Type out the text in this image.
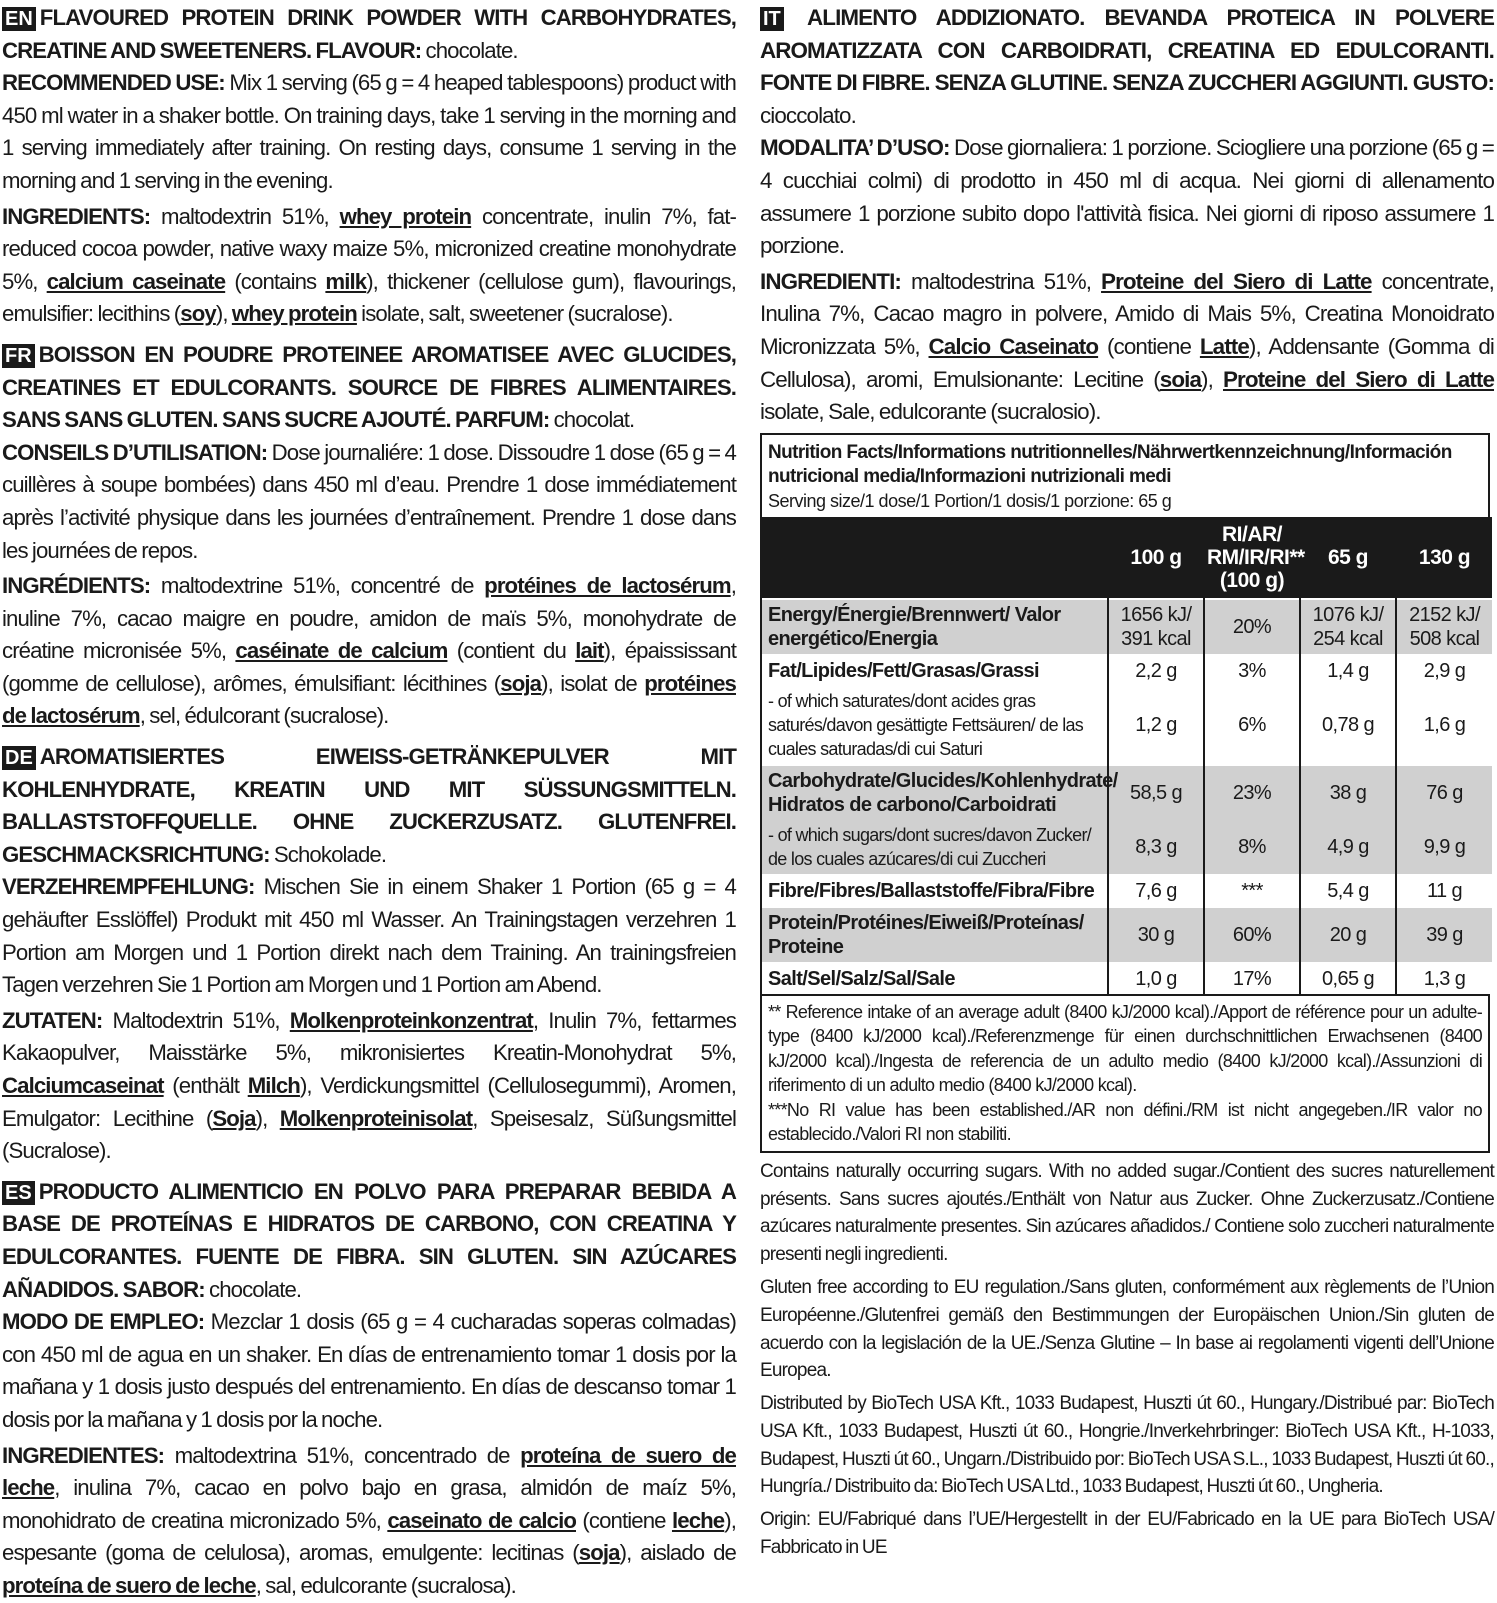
EN FLAVOURED PROTEIN DRINK POWDER WITH CARBOHYDRATES, CREATINE AND SWEETENERS. FLAVOUR: chocolate.

RECOMMENDED USE: Mix 1 serving (65 g = 4 heaped tablespoons) product with 450 ml water in a shaker bottle. On training days, take 1 serving in the morning and 1 serving immediately after training. On resting days, consume 1 serving in the morning and 1 serving in the evening.

INGREDIENTS: maltodextrin 51%, whey protein concentrate, inulin 7%, fat-reduced cocoa powder, native waxy maize 5%, micronized creatine monohydrate 5%, calcium caseinate (contains milk), thickener (cellulose gum), flavourings, emulsifier: lecithins (soy), whey protein isolate, salt, sweetener (sucralose).

FR BOISSON EN POUDRE PROTEINEE AROMATISEE AVEC GLUCIDES, CREATINES ET EDULCORANTS. SOURCE DE FIBRES ALIMENTAIRES. SANS SANS GLUTEN. SANS SUCRE AJOUTÉ. PARFUM: chocolat.

CONSEILS D’UTILISATION: Dose journaliére: 1 dose. Dissoudre 1 dose (65 g = 4 cuillères à soupe bombées) dans 450 ml d’eau. Prendre 1 dose immédiatement après l’activité physique dans les journées d’entraînement. Prendre 1 dose dans les journées de repos.

INGRÉDIENTS: maltodextrine 51%, concentré de protéines de lactosérum, inuline 7%, cacao maigre en poudre, amidon de maïs 5%, monohydrate de créatine micronisée 5%, caséinate de calcium (contient du lait), épaississant (gomme de cellulose), arômes, émulsifiant: lécithines (soja), isolat de protéines de lactosérum, sel, édulcorant (sucralose).

DE AROMATISIERTES EIWEISS-GETRÄNKEPULVER MIT KOHLENHYDRATE, KREATIN UND MIT SÜSSUNGSMITTELN. BALLASTSTOFFQUELLE. OHNE ZUCKERZUSATZ. GLUTENFREI. GESCHMACKSRICHTUNG: Schokolade.

VERZEHREMPFEHLUNG: Mischen Sie in einem Shaker 1 Portion (65 g = 4 gehäufter Esslöffel) Produkt mit 450 ml Wasser. An Trainingstagen verzehren 1 Portion am Morgen und 1 Portion direkt nach dem Training. An trainingsfreien Tagen verzehren Sie 1 Portion am Morgen und 1 Portion am Abend.

ZUTATEN: Maltodextrin 51%, Molkenproteinkonzentrat, Inulin 7%, fettarmes Kakaopulver, Maisstärke 5%, mikronisiertes Kreatin-Monohydrat 5%, Calciumcaseinat (enthält Milch), Verdickungsmittel (Cellulosegummi), Aromen, Emulgator: Lecithine (Soja), Molkenproteinisolat, Speisesalz, Süßungsmittel (Sucralose).

ES PRODUCTO ALIMENTICIO EN POLVO PARA PREPARAR BEBIDA A BASE DE PROTEÍNAS E HIDRATOS DE CARBONO, CON CREATINA Y EDULCORANTES. FUENTE DE FIBRA. SIN GLUTEN. SIN AZÚCARES AÑADIDOS. SABOR: chocolate.

MODO DE EMPLEO: Mezclar 1 dosis (65 g = 4 cucharadas soperas colmadas) con 450 ml de agua en un shaker. En días de entrenamiento tomar 1 dosis por la mañana y 1 dosis justo después del entrenamiento. En días de descanso tomar 1 dosis por la mañana y 1 dosis por la noche.

INGREDIENTES: maltodextrina 51%, concentrado de proteína de suero de leche, inulina 7%, cacao en polvo bajo en grasa, almidón de maíz 5%, monohidrato de creatina micronizado 5%, caseinato de calcio (contiene leche), espesante (goma de celulosa), aromas, emulgente: lecitinas (soja), aislado de proteína de suero de leche, sal, edulcorante (sucralosa).

IT ALIMENTO ADDIZIONATO. BEVANDA PROTEICA IN POLVERE AROMATIZZATA CON CARBOIDRATI, CREATINA ED EDULCORANTI. FONTE DI FIBRE. SENZA GLUTINE. SENZA ZUCCHERI AGGIUNTI. GUSTO: cioccolato.

MODALITA’ D’USO: Dose giornaliera: 1 porzione. Sciogliere una porzione (65 g = 4 cucchiai colmi) di prodotto in 450 ml di acqua. Nei giorni di allenamento assumere 1 porzione subito dopo l'attività fisica. Nei giorni di riposo assumere 1 porzione.

INGREDIENTI: maltodestrina 51%, Proteine del Siero di Latte concentrate, Inulina 7%, Cacao magro in polvere, Amido di Mais 5%, Creatina Monoidrato Micronizzata 5%, Calcio Caseinato (contiene Latte), Addensante (Gomma di Cellulosa), aromi, Emulsionante: Lecitine (soia), Proteine del Siero di Latte isolate, Sale, edulcorante (sucralosio).

Nutrition Facts/Informations nutritionnelles/Nährwertkennzeichnung/Información nutricional media/Informazioni nutrizionali medi
Serving size/1 dose/1 Portion/1 dosis/1 porzione: 65 g
	100 g	RI/AR/ RM/IR/RI** (100 g)	65 g	130 g
Energy/Énergie/Brennwert/ Valor energético/Energia	1656 kJ/ 391 kcal	20%	1076 kJ/ 254 kcal	2152 kJ/ 508 kcal
Fat/Lipides/Fett/Grasas/Grassi	2,2 g	3%	1,4 g	2,9 g
- of which saturates/dont acides gras saturés/davon gesättigte Fettsäuren/ de las cuales saturadas/di cui Saturi	1,2 g	6%	0,78 g	1,6 g
Carbohydrate/Glucides/Kohlenhydrate/ Hidratos de carbono/Carboidrati	58,5 g	23%	38 g	76 g
- of which sugars/dont sucres/davon Zucker/ de los cuales azúcares/di cui Zuccheri	8,3 g	8%	4,9 g	9,9 g
Fibre/Fibres/Ballaststoffe/Fibra/Fibre	7,6 g	***	5,4 g	11 g
Protein/Protéines/Eiweiß/Proteínas/ Proteine	30 g	60%	20 g	39 g
Salt/Sel/Salz/Sal/Sale	1,0 g	17%	0,65 g	1,3 g
** Reference intake of an average adult (8400 kJ/2000 kcal)./Apport de référence pour un adulte-type (8400 kJ/2000 kcal)./Referenzmenge für einen durchschnittlichen Erwachsenen (8400 kJ/2000 kcal)./Ingesta de referencia de un adulto medio (8400 kJ/2000 kcal)./Assunzioni di riferimento di un adulto medio (8400 kJ/2000 kcal).
***No RI value has been established./AR non défini./RM ist nicht angegeben./IR valor no establecido./Valori RI non stabiliti.

Contains naturally occurring sugars. With no added sugar./Contient des sucres naturellement présents. Sans sucres ajoutés./Enthält von Natur aus Zucker. Ohne Zuckerzusatz./Contiene azúcares naturalmente presentes. Sin azúcares añadidos./ Contiene solo zuccheri naturalmente presenti negli ingredienti.

Gluten free according to EU regulation./Sans gluten, conformément aux règlements de l’Union Européenne./Glutenfrei gemäß den Bestimmungen der Europäischen Union./Sin gluten de acuerdo con la legislación de la UE./Senza Glutine – In base ai regolamenti vigenti dell’Unione Europea.

Distributed by BioTech USA Kft., 1033 Budapest, Huszti út 60., Hungary./Distribué par: BioTech USA Kft., 1033 Budapest, Huszti út 60., Hongrie./Inverkehrbringer: BioTech USA Kft., H-1033, Budapest, Huszti út 60., Ungarn./Distribuido por: BioTech USA S.L., 1033 Budapest, Huszti út 60., Hungría./ Distribuito da: BioTech USA Ltd., 1033 Budapest, Huszti út 60., Ungheria.

Origin: EU/Fabriqué dans l’UE/Hergestellt in der EU/Fabricado en la UE para BioTech USA/ Fabbricato in UE
